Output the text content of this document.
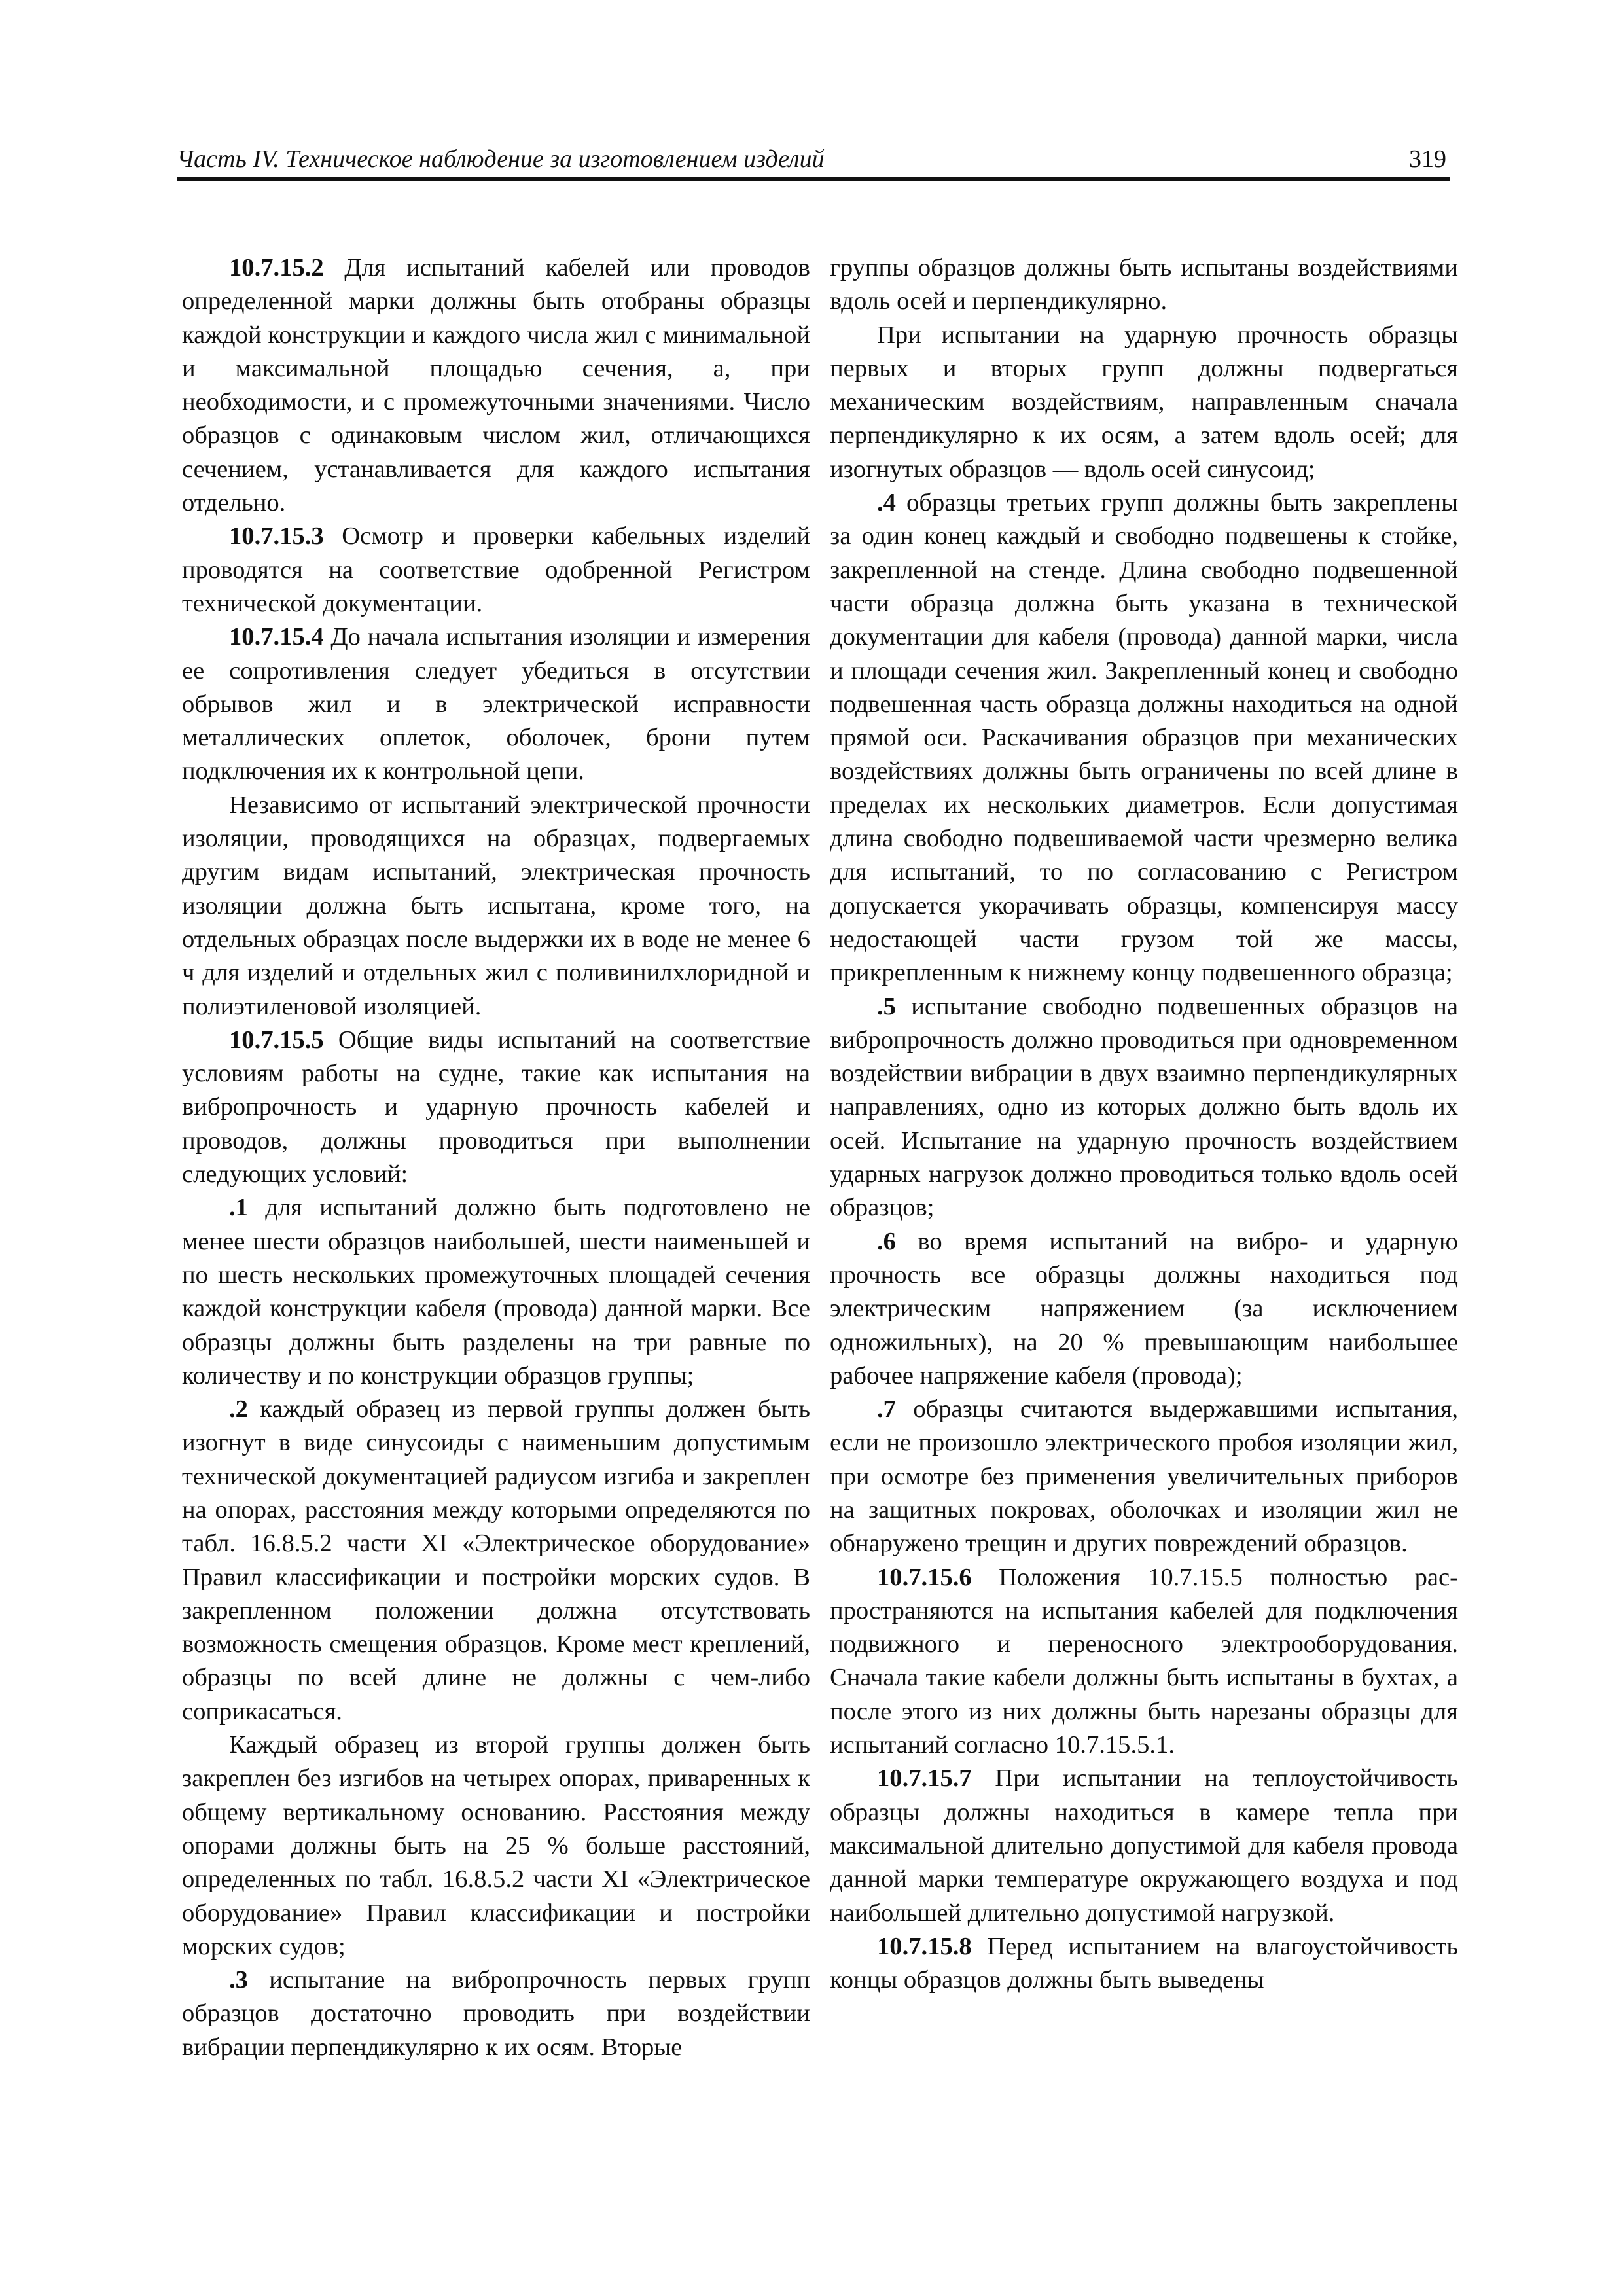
Часть IV. Техническое наблюдение за изготовлением изделий	319

10.7.15.2 Для испытаний кабелей или проводов определенной марки должны быть отобраны образцы каждой конструкции и каждого числа жил с минимальной и максимальной площадью сечения, а, при необходимости, и с промежуточными значениями. Число образцов с одинаковым числом жил, отличающихся сечением, устанавливается для каждого испытания отдельно.

10.7.15.3 Осмотр и проверки кабельных изделий проводятся на соответствие одобренной Регистром технической документации.

10.7.15.4 До начала испытания изоляции и измерения ее сопротивления следует убедиться в отсутствии обрывов жил и в электрической исправности металлических оплеток, оболочек, брони путем подключения их к контрольной цепи.

Независимо от испытаний электрической прочности изоляции, проводящихся на образцах, подвергаемых другим видам испытаний, электрическая прочность изоляции должна быть испытана, кроме того, на отдельных образцах после выдержки их в воде не менее 6 ч для изделий и отдельных жил с поливинилхлоридной и полиэтиленовой изоляцией.

10.7.15.5 Общие виды испытаний на соответствие условиям работы на судне, такие как испытания на вибропрочность и ударную прочность кабелей и проводов, должны проводиться при выполнении следующих условий:

.1 для испытаний должно быть подготовлено не менее шести образцов наибольшей, шести наименьшей и по шесть нескольких промежуточных площадей сечения каждой конструкции кабеля (провода) данной марки. Все образцы должны быть разделены на три равные по количеству и по конструкции образцов группы;

.2 каждый образец из первой группы должен быть изогнут в виде синусоиды с наименьшим допустимым технической документацией радиусом изгиба и закреплен на опорах, расстояния между которыми определяются по табл. 16.8.5.2 части XI «Электрическое оборудование» Правил классификации и постройки морских судов. В закрепленном положении должна отсутствовать возможность смещения образцов. Кроме мест креплений, образцы по всей длине не должны с чем-либо соприкасаться.

Каждый образец из второй группы должен быть закреплен без изгибов на четырех опорах, приваренных к общему вертикальному основанию. Расстояния между опорами должны быть на 25 % больше расстояний, определенных по табл. 16.8.5.2 части XI «Электрическое оборудование» Правил классификации и постройки морских судов;

.3 испытание на вибропрочность первых групп образцов достаточно проводить при воздействии вибрации перпендикулярно к их осям. Вторые

группы образцов должны быть испытаны воздействиями вдоль осей и перпендикулярно.

При испытании на ударную прочность образцы первых и вторых групп должны подвергаться механическим воздействиям, направленным сначала перпендикулярно к их осям, а затем вдоль осей; для изогнутых образцов — вдоль осей синусоид;

.4 образцы третьих групп должны быть закреплены за один конец каждый и свободно подвешены к стойке, закрепленной на стенде. Длина свободно подвешенной части образца должна быть указана в технической документации для кабеля (провода) данной марки, числа и площади сечения жил. Закрепленный конец и свободно подвешенная часть образца должны находиться на одной прямой оси. Раскачивания образцов при механических воздействиях должны быть ограничены по всей длине в пределах их нескольких диаметров. Если допустимая длина свободно подвешиваемой части чрезмерно велика для испытаний, то по согласованию с Регистром допускается укорачивать образцы, компенсируя массу недостающей части грузом той же массы, прикрепленным к нижнему концу подвешенного образца;

.5 испытание свободно подвешенных образцов на вибропрочность должно проводиться при одновременном воздействии вибрации в двух взаимно перпендикулярных направлениях, одно из которых должно быть вдоль их осей. Испытание на ударную прочность воздействием ударных нагрузок должно проводиться только вдоль осей образцов;

.6 во время испытаний на вибро- и ударную прочность все образцы должны находиться под электрическим напряжением (за исключением одножильных), на 20 % превышающим наибольшее рабочее напряжение кабеля (провода);

.7 образцы считаются выдержавшими испытания, если не произошло электрического пробоя изоляции жил, при осмотре без применения увеличительных приборов на защитных покровах, оболочках и изоляции жил не обнаружено трещин и других повреждений образцов.

10.7.15.6 Положения 10.7.15.5 полностью распространяются на испытания кабелей для подключения подвижного и переносного электрооборудования. Сначала такие кабели должны быть испытаны в бухтах, а после этого из них должны быть нарезаны образцы для испытаний согласно 10.7.15.5.1.

10.7.15.7 При испытании на теплоустойчивость образцы должны находиться в камере тепла при максимальной длительно допустимой для кабеля провода данной марки температуре окружающего воздуха и под наибольшей длительно допустимой нагрузкой.

10.7.15.8 Перед испытанием на влагоустойчивость концы образцов должны быть выведены
